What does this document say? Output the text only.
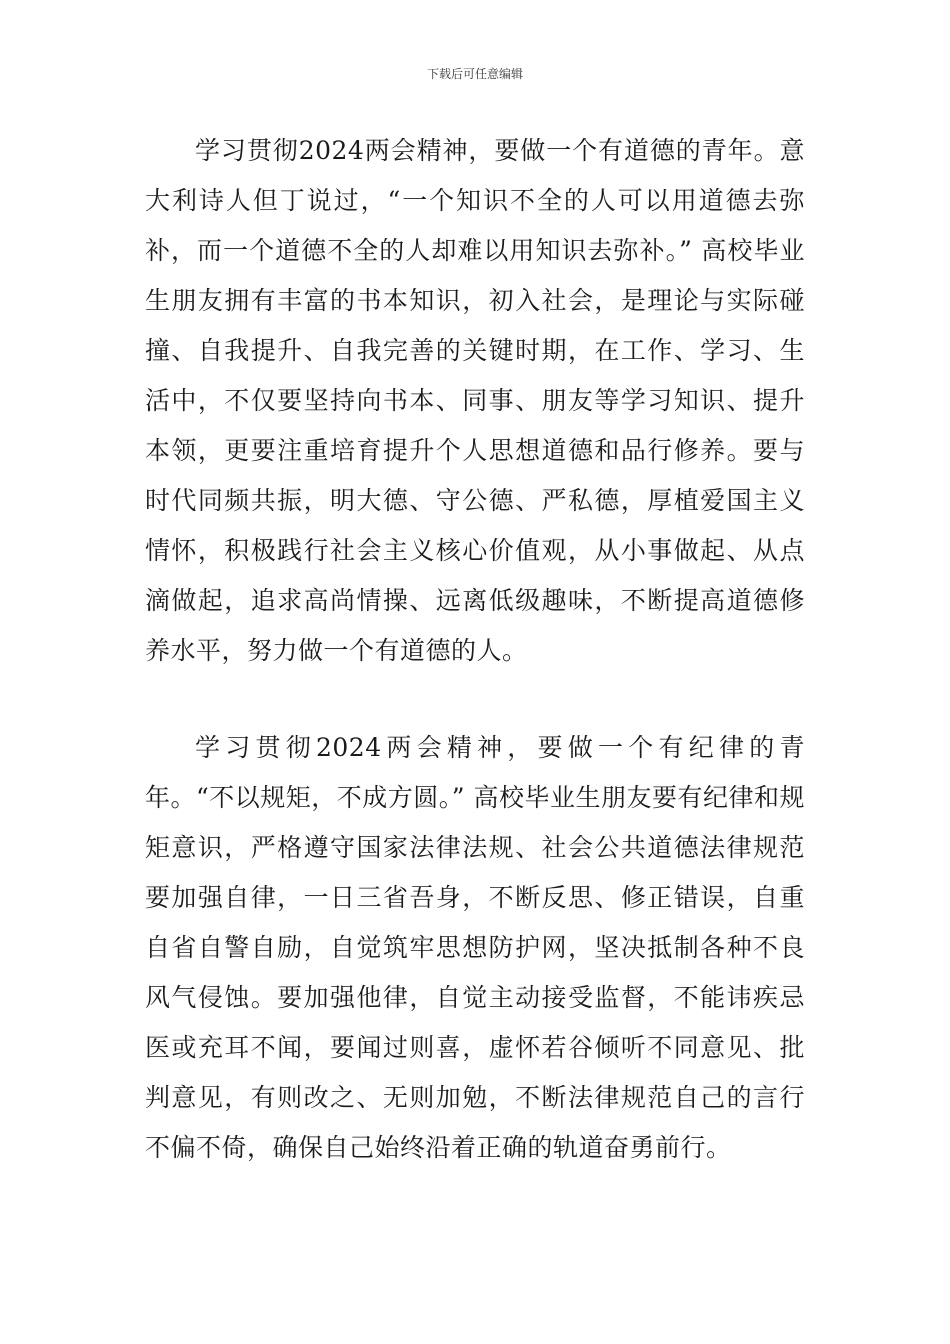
下载后可任意编辑

学习贯彻2024两会精神，要做一个有道德的青年。意大利诗人但丁说过，“一个知识不全的人可以用道德去弥补，而一个道德不全的人却难以用知识去弥补。” 高校毕业生朋友拥有丰富的书本知识，初入社会，是理论与实际碰撞、自我提升、自我完善的关键时期，在工作、学习、生活中，不仅要坚持向书本、同事、朋友等学习知识、提升本领，更要注重培育提升个人思想道德和品行修养。要与时代同频共振，明大德、守公德、严私德，厚植爱国主义情怀，积极践行社会主义核心价值观，从小事做起、从点滴做起，追求高尚情操、远离低级趣味，不断提高道德修养水平，努力做一个有道德的人。

学习贯彻2024两会精神，要做一个有纪律的青年。“不以规矩，不成方圆。” 高校毕业生朋友要有纪律和规矩意识，严格遵守国家法律法规、社会公共道德法律规范要加强自律，一日三省吾身，不断反思、修正错误，自重自省自警自励，自觉筑牢思想防护网，坚决抵制各种不良风气侵蚀。要加强他律，自觉主动接受监督，不能讳疾忌医或充耳不闻，要闻过则喜，虚怀若谷倾听不同意见、批判意见，有则改之、无则加勉，不断法律规范自己的言行不偏不倚，确保自己始终沿着正确的轨道奋勇前行。
